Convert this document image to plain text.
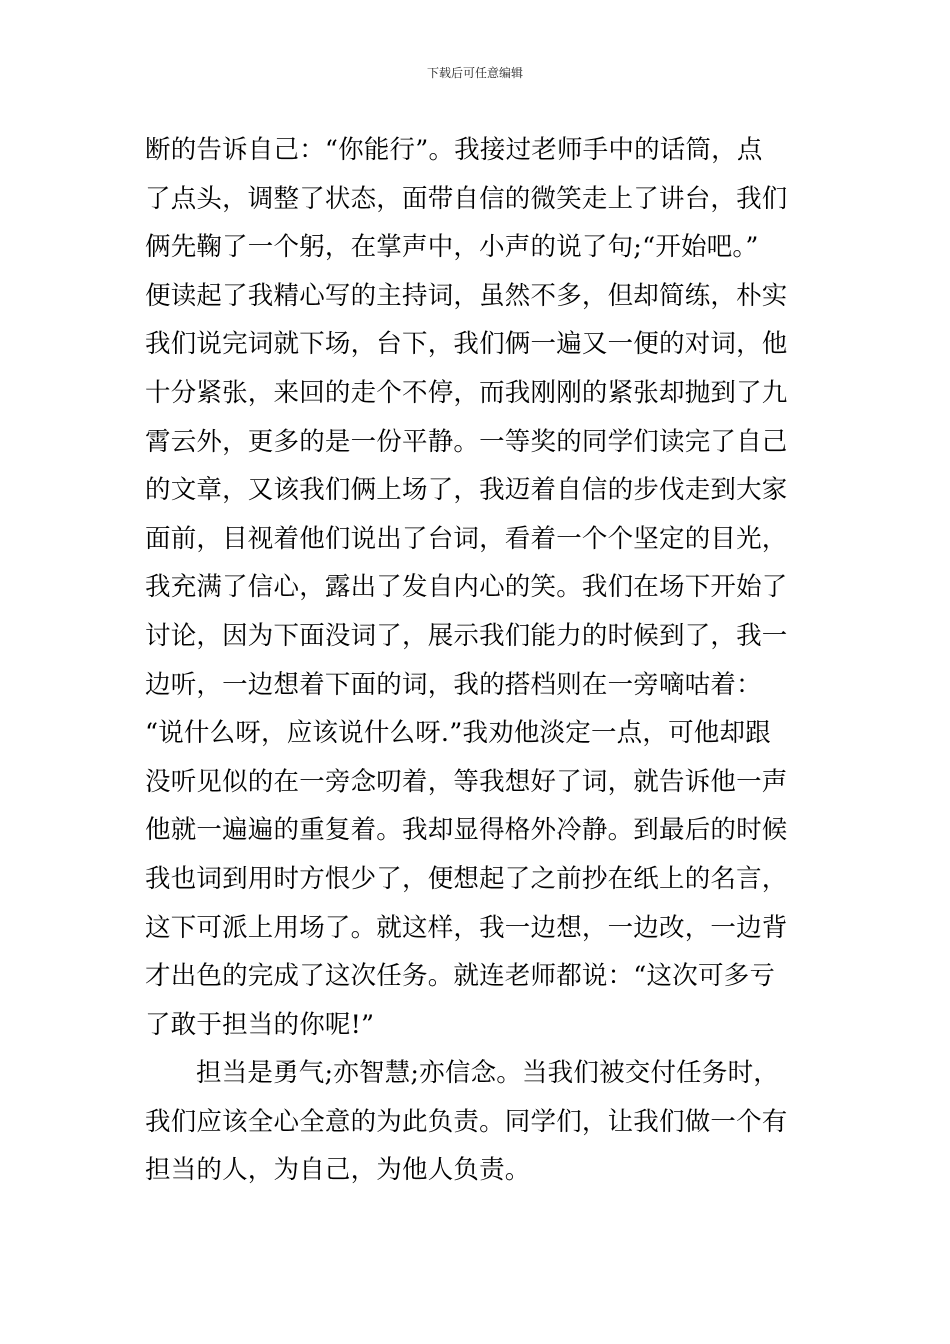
下载后可任意编辑
断的告诉自己：“你能行”。我接过老师手中的话筒，点
了点头，调整了状态，面带自信的微笑走上了讲台，我们
俩先鞠了一个躬，在掌声中，小声的说了句;“开始吧。”
便读起了我精心写的主持词，虽然不多，但却简练，朴实
我们说完词就下场，台下，我们俩一遍又一便的对词，他
十分紧张，来回的走个不停，而我刚刚的紧张却抛到了九
霄云外，更多的是一份平静。一等奖的同学们读完了自己
的文章，又该我们俩上场了，我迈着自信的步伐走到大家
面前，目视着他们说出了台词，看着一个个坚定的目光，
我充满了信心，露出了发自内心的笑。我们在场下开始了
讨论，因为下面没词了，展示我们能力的时候到了，我一
边听，一边想着下面的词，我的搭档则在一旁嘀咕着：
“说什么呀，应该说什么呀.”我劝他淡定一点，可他却跟
没听见似的在一旁念叨着，等我想好了词，就告诉他一声
他就一遍遍的重复着。我却显得格外冷静。到最后的时候
我也词到用时方恨少了，便想起了之前抄在纸上的名言，
这下可派上用场了。就这样，我一边想，一边改，一边背
才出色的完成了这次任务。就连老师都说：“这次可多亏
了敢于担当的你呢!”
担当是勇气;亦智慧;亦信念。当我们被交付任务时，
我们应该全心全意的为此负责。同学们，让我们做一个有
担当的人，为自己，为他人负责。
